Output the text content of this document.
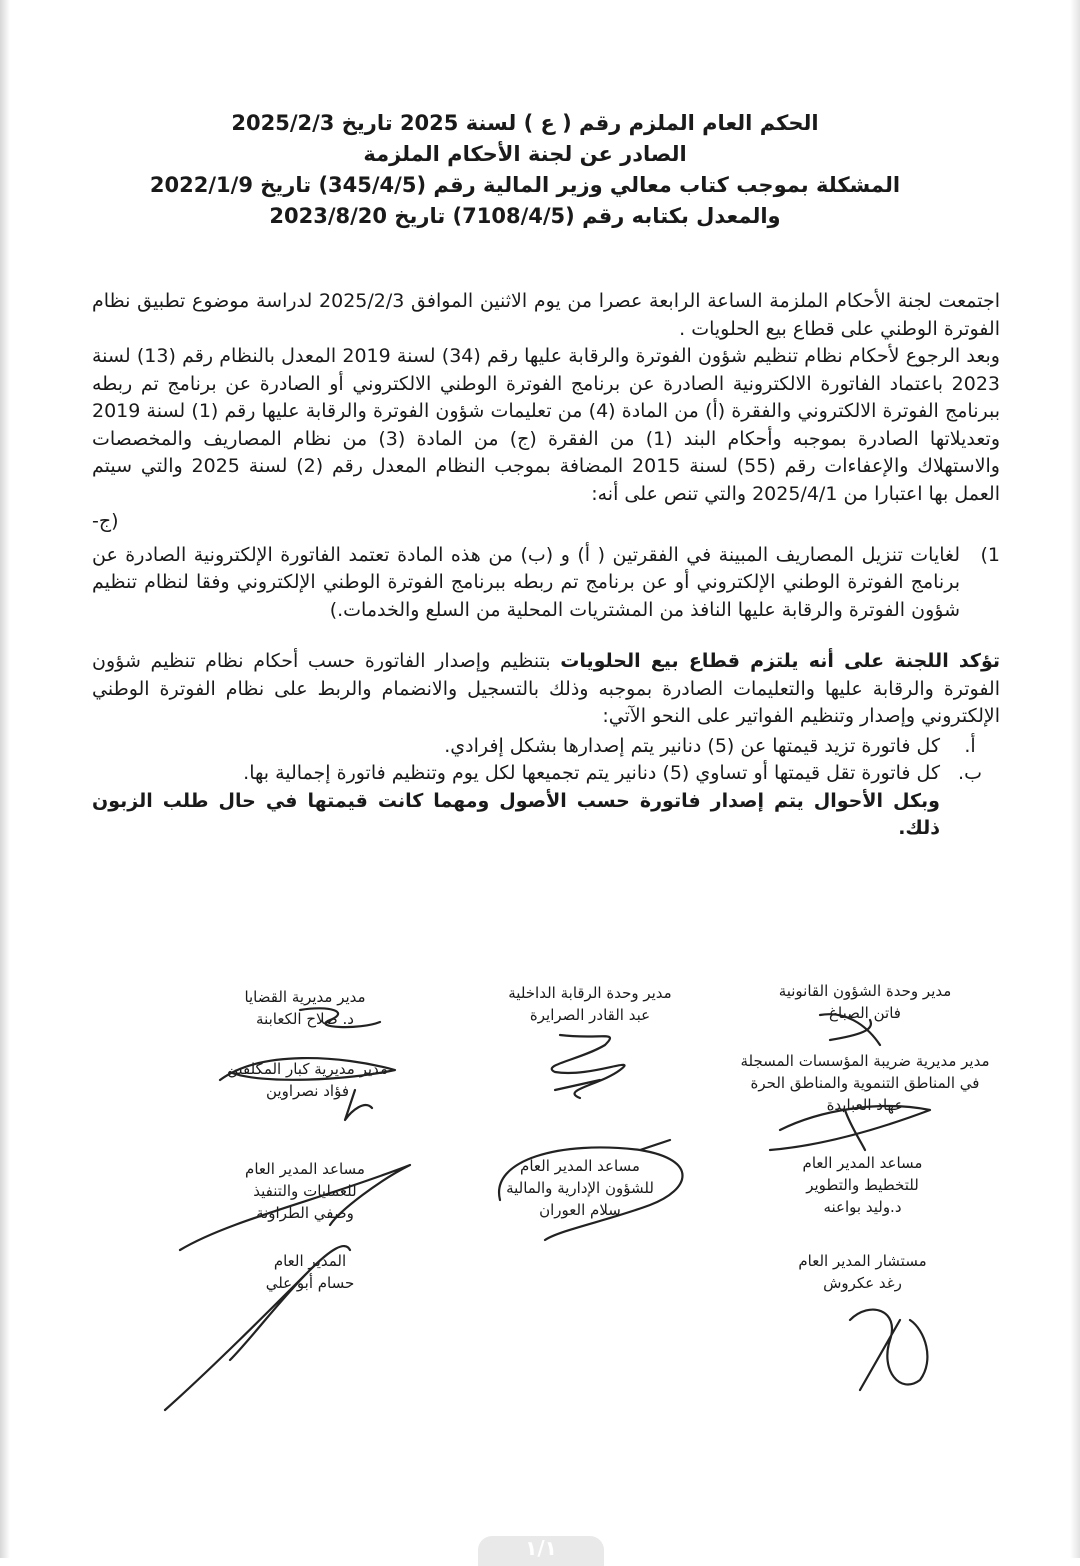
الحكم العام الملزم رقم ( ع ) لسنة 2025 تاريخ 2025/2/3
الصادر عن لجنة الأحكام الملزمة
المشكلة بموجب كتاب معالي وزير المالية رقم (345/4/5) تاريخ 2022/1/9
والمعدل بكتابه رقم (7108/4/5) تاريخ 2023/8/20

اجتمعت لجنة الأحكام الملزمة الساعة الرابعة عصرا من يوم الاثنين الموافق 2025/2/3 لدراسة موضوع تطبيق نظام الفوترة الوطني على قطاع بيع الحلويات .

وبعد الرجوع لأحكام نظام تنظيم شؤون الفوترة والرقابة عليها رقم (34) لسنة 2019 المعدل بالنظام رقم (13) لسنة 2023 باعتماد الفاتورة الالكترونية الصادرة عن برنامج الفوترة الوطني الالكتروني أو الصادرة عن برنامج تم ربطه ببرنامج الفوترة الالكتروني والفقرة (أ) من المادة (4) من تعليمات شؤون الفوترة والرقابة عليها رقم (1) لسنة 2019 وتعديلاتها الصادرة بموجبه وأحكام البند (1) من الفقرة (ج) من المادة (3) من نظام المصاريف والمخصصات والاستهلاك والإعفاءات رقم (55) لسنة 2015 المضافة بموجب النظام المعدل رقم (2) لسنة 2025 والتي سيتم العمل بها اعتبارا من 2025/4/1 والتي تنص على أنه:

(ج-

1)
لغايات تنزيل المصاريف المبينة في الفقرتين ( أ) و (ب) من هذه المادة تعتمد الفاتورة الإلكترونية الصادرة عن برنامج الفوترة الوطني الإلكتروني أو عن برنامج تم ربطه ببرنامج الفوترة الوطني الإلكتروني وفقا لنظام تنظيم شؤون الفوترة والرقابة عليها النافذ من المشتريات المحلية من السلع والخدمات.)

تؤكد اللجنة على أنه يلتزم قطاع بيع الحلويات بتنظيم وإصدار الفاتورة حسب أحكام نظام تنظيم شؤون الفوترة والرقابة عليها والتعليمات الصادرة بموجبه وذلك بالتسجيل والانضمام والربط على نظام الفوترة الوطني الإلكتروني وإصدار وتنظيم الفواتير على النحو الآتي:

أ.
كل فاتورة تزيد قيمتها عن (5) دنانير يتم إصدارها بشكل إفرادي.
ب.
كل فاتورة تقل قيمتها أو تساوي (5) دنانير يتم تجميعها لكل يوم وتنظيم فاتورة إجمالية بها.

وبكل الأحوال يتم إصدار فاتورة حسب الأصول ومهما كانت قيمتها في حال طلب الزبون ذلك.

مدير وحدة الشؤون القانونية
فاتن الصباغ
مدير وحدة الرقابة الداخلية
عبد القادر الصرايرة
مدير مديرية القضايا
د. صلاح الكعابنة
مدير مديرية ضريبة المؤسسات المسجلة
في المناطق التنموية والمناطق الحرة
عهاد العبايدة
مدير مديرية كبار المكلفين
فؤاد نصراوين
مساعد المدير العام
للتخطيط والتطوير
د.وليد بواعنه
مساعد المدير العام
للشؤون الإدارية والمالية
سلام العوران
مساعد المدير العام
للعمليات والتنفيذ
وصفي الطراونة
مستشار المدير العام
رغد عكروش
المدير العام
حسام أبو علي
١/١
